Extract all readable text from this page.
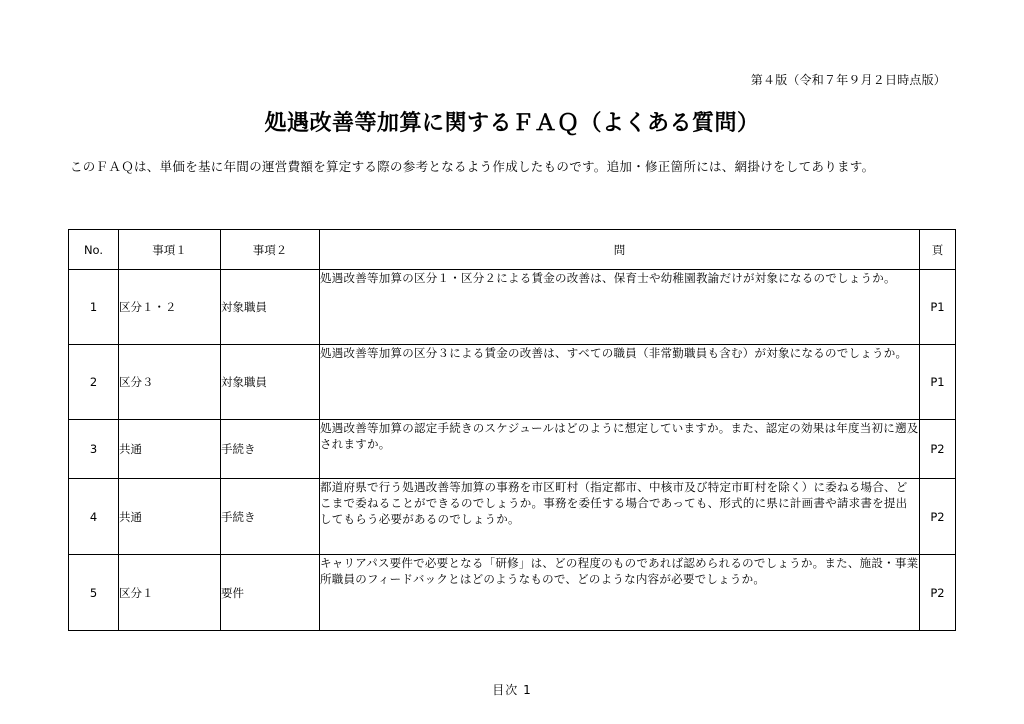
第４版（令和７年９月２日時点版）
処遇改善等加算に関するＦＡＱ（よくある質問）
このＦＡＱは、単価を基に年間の運営費額を算定する際の参考となるよう作成したものです。追加・修正箇所には、網掛けをしてあります。
No.	事項１	事項２	問	頁
1	区分１・２	対象職員	処遇改善等加算の区分１・区分２による賃金の改善は、保育士や幼稚園教諭だけが対象になるのでしょうか。	P1
2	区分３	対象職員	処遇改善等加算の区分３による賃金の改善は、すべての職員（非常勤職員も含む）が対象になるのでしょうか。	P1
3	共通	手続き	処遇改善等加算の認定手続きのスケジュールはどのように想定していますか。また、認定の効果は年度当初に遡及されますか。	P2
4	共通	手続き	都道府県で行う処遇改善等加算の事務を市区町村（指定都市、中核市及び特定市町村を除く）に委ねる場合、どこまで委ねることができるのでしょうか。事務を委任する場合であっても、形式的に県に計画書や請求書を提出してもらう必要があるのでしょうか。	P2
5	区分１	要件	キャリアパス要件で必要となる「研修」は、どの程度のものであれば認められるのでしょうか。また、施設・事業所職員のフィードバックとはどのようなもので、どのような内容が必要でしょうか。	P2
目次 1
